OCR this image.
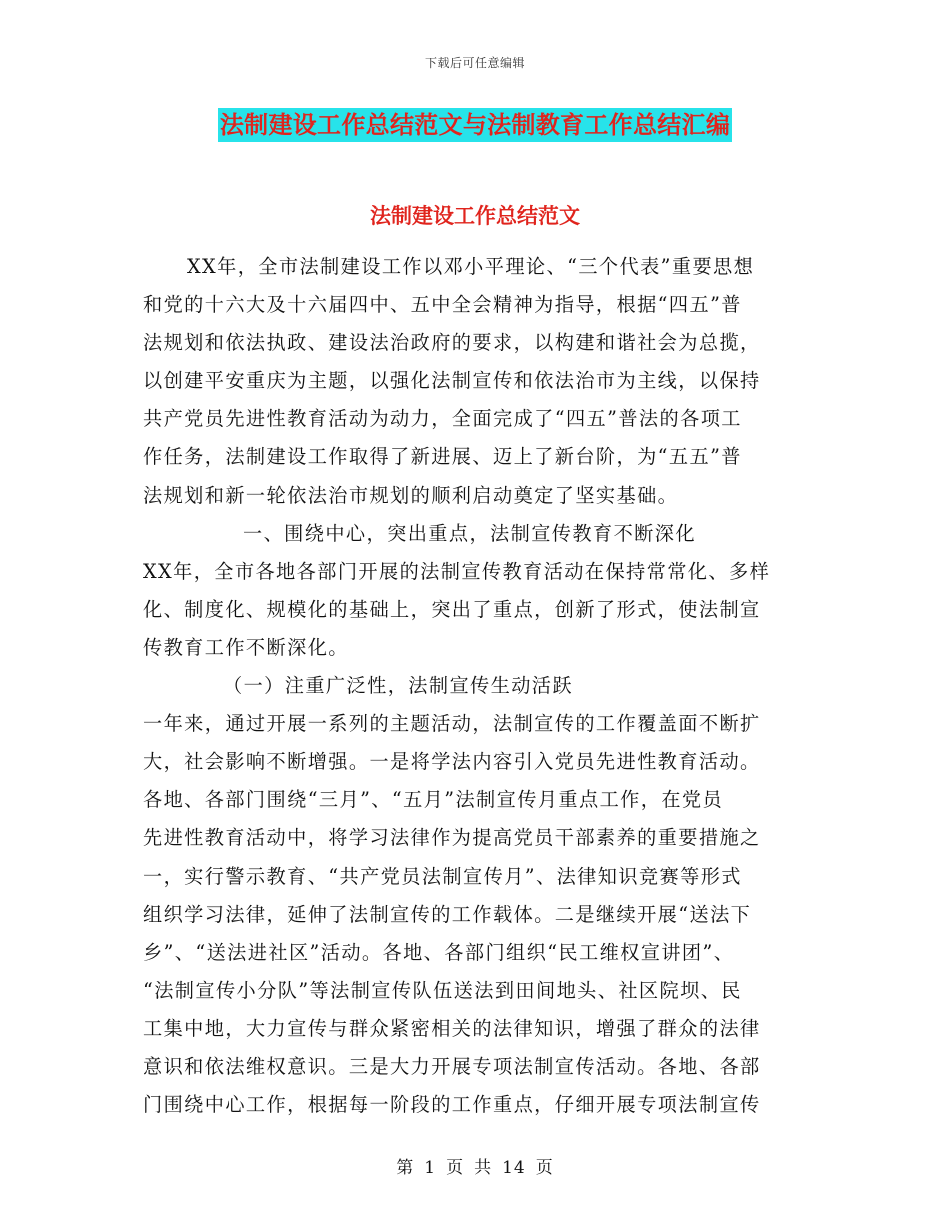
下载后可任意编辑
法制建设工作总结范文与法制教育工作总结汇编
法制建设工作总结范文
XX年，全市法制建设工作以邓小平理论、“三个代表”重要思想
和党的十六大及十六届四中、五中全会精神为指导，根据“四五”普
法规划和依法执政、建设法治政府的要求，以构建和谐社会为总揽，
以创建平安重庆为主题，以强化法制宣传和依法治市为主线，以保持
共产党员先进性教育活动为动力，全面完成了“四五”普法的各项工
作任务，法制建设工作取得了新进展、迈上了新台阶，为“五五”普
法规划和新一轮依法治市规划的顺利启动奠定了坚实基础。
一、围绕中心，突出重点，法制宣传教育不断深化
XX年，全市各地各部门开展的法制宣传教育活动在保持常常化、多样
化、制度化、规模化的基础上，突出了重点，创新了形式，使法制宣
传教育工作不断深化。
（一）注重广泛性，法制宣传生动活跃
一年来，通过开展一系列的主题活动，法制宣传的工作覆盖面不断扩
大，社会影响不断增强。一是将学法内容引入党员先进性教育活动。
各地、各部门围绕“三月”、“五月”法制宣传月重点工作，在党员
先进性教育活动中，将学习法律作为提高党员干部素养的重要措施之
一，实行警示教育、“共产党员法制宣传月”、法律知识竞赛等形式
组织学习法律，延伸了法制宣传的工作载体。二是继续开展“送法下
乡”、“送法进社区”活动。各地、各部门组织“民工维权宣讲团”、
“法制宣传小分队”等法制宣传队伍送法到田间地头、社区院坝、民
工集中地，大力宣传与群众紧密相关的法律知识，增强了群众的法律
意识和依法维权意识。三是大力开展专项法制宣传活动。各地、各部
门围绕中心工作，根据每一阶段的工作重点，仔细开展专项法制宣传
第 1 页 共 14 页
